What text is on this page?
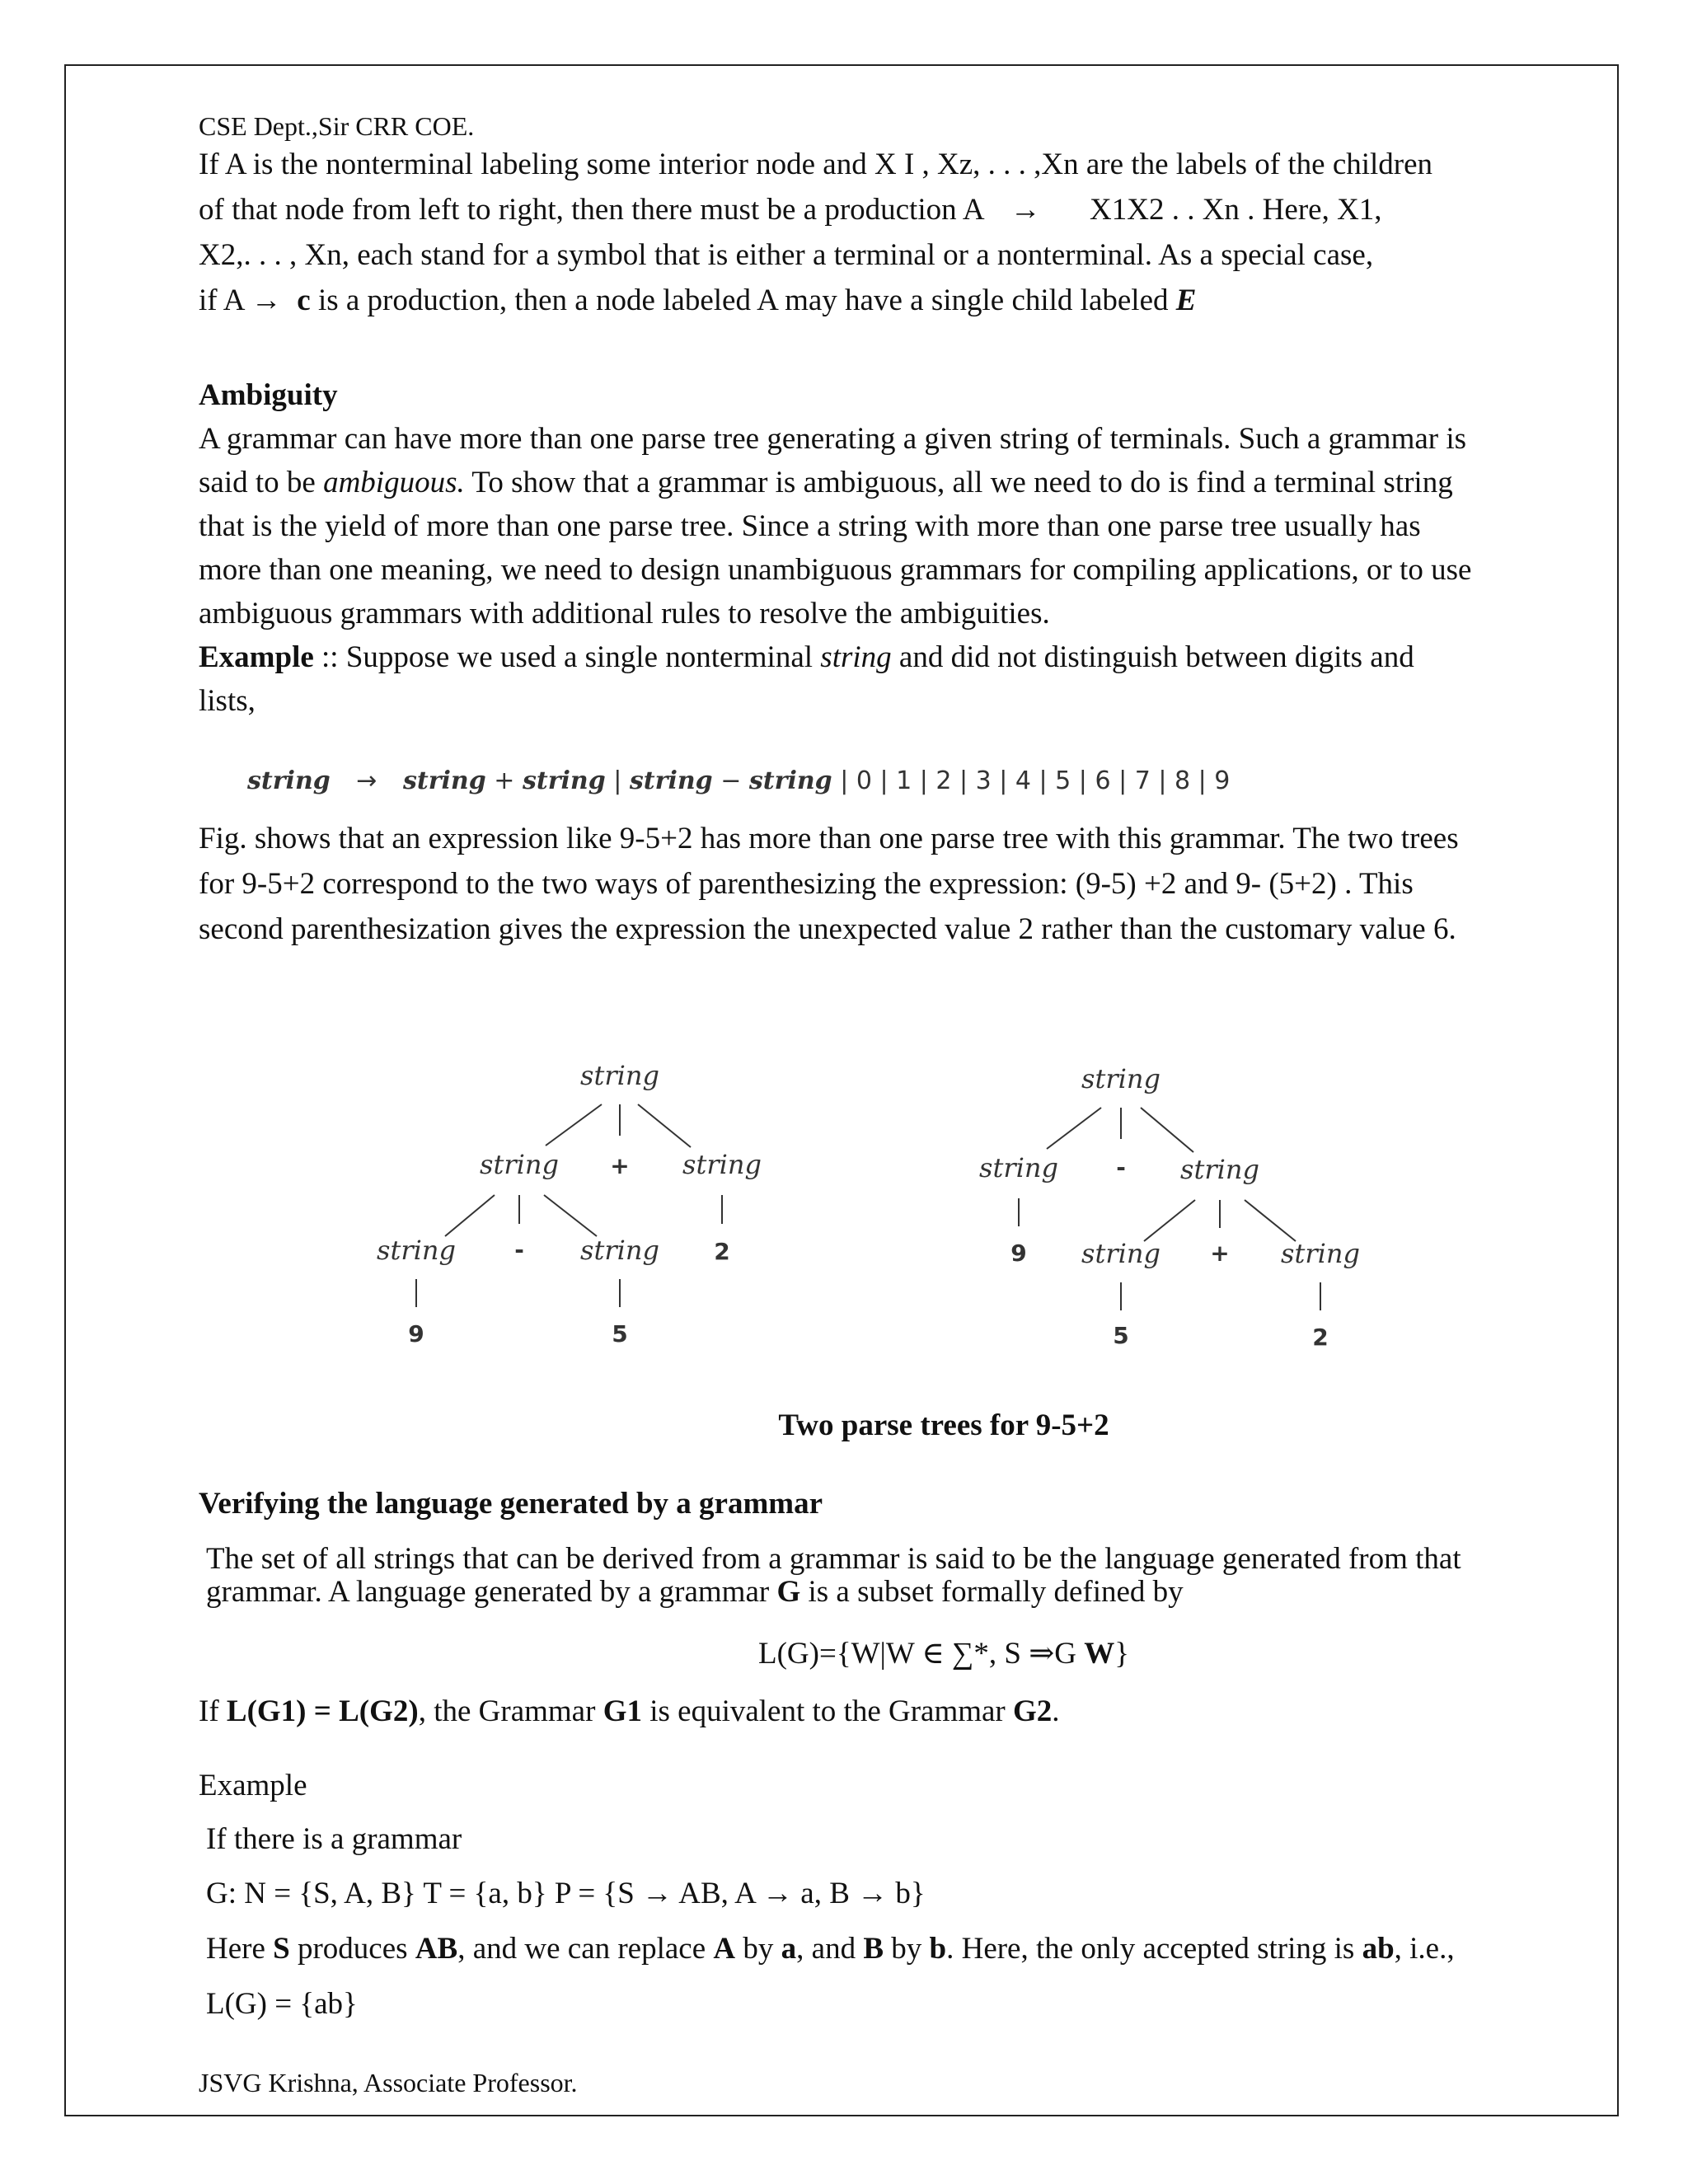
CSE Dept.,Sir CRR COE.
If A is the nonterminal labeling some interior node and X I , Xz, . . . ,Xn are the labels of the children
of that node from left to right, then there must be a production A → X1X2 . . Xn . Here, X1,
X2,. . . , Xn, each stand for a symbol that is either a terminal or a nonterminal. As a special case,
if A → c is a production, then a node labeled A may have a single child labeled E
Ambiguity
A grammar can have more than one parse tree generating a given string of terminals. Such a grammar is
said to be ambiguous. To show that a grammar is ambiguous, all we need to do is find a terminal string
that is the yield of more than one parse tree. Since a string with more than one parse tree usually has
more than one meaning, we need to design unambiguous grammars for compiling applications, or to use
ambiguous grammars with additional rules to resolve the ambiguities.
Example :: Suppose we used a single nonterminal string and did not distinguish between digits and
lists,
string → string + string | string − string | 0 | 1 | 2 | 3 | 4 | 5 | 6 | 7 | 8 | 9
Fig. shows that an expression like 9-5+2 has more than one parse tree with this grammar. The two trees
for 9-5+2 correspond to the two ways of parenthesizing the expression: (9-5) +2 and 9- (5+2) . This
second parenthesization gives the expression the unexpected value 2 rather than the customary value 6.
string
string + string
string	- string 2
9	5
string
string	- string
9 string + string
5	2
Two parse trees for 9-5+2
Verifying the language generated by a grammar
The set of all strings that can be derived from a grammar is said to be the language generated from that
grammar. A language generated by a grammar G is a subset formally defined by
L(G)={W|W ∈ ∑*, S ⇒G W}
If L(G1) = L(G2), the Grammar G1 is equivalent to the Grammar G2.
Example
If there is a grammar
G: N = {S, A, B} T = {a, b} P = {S → AB, A → a, B → b}
Here S produces AB, and we can replace A by a, and B by b. Here, the only accepted string is ab, i.e.,
L(G) = {ab}
JSVG Krishna, Associate Professor.
